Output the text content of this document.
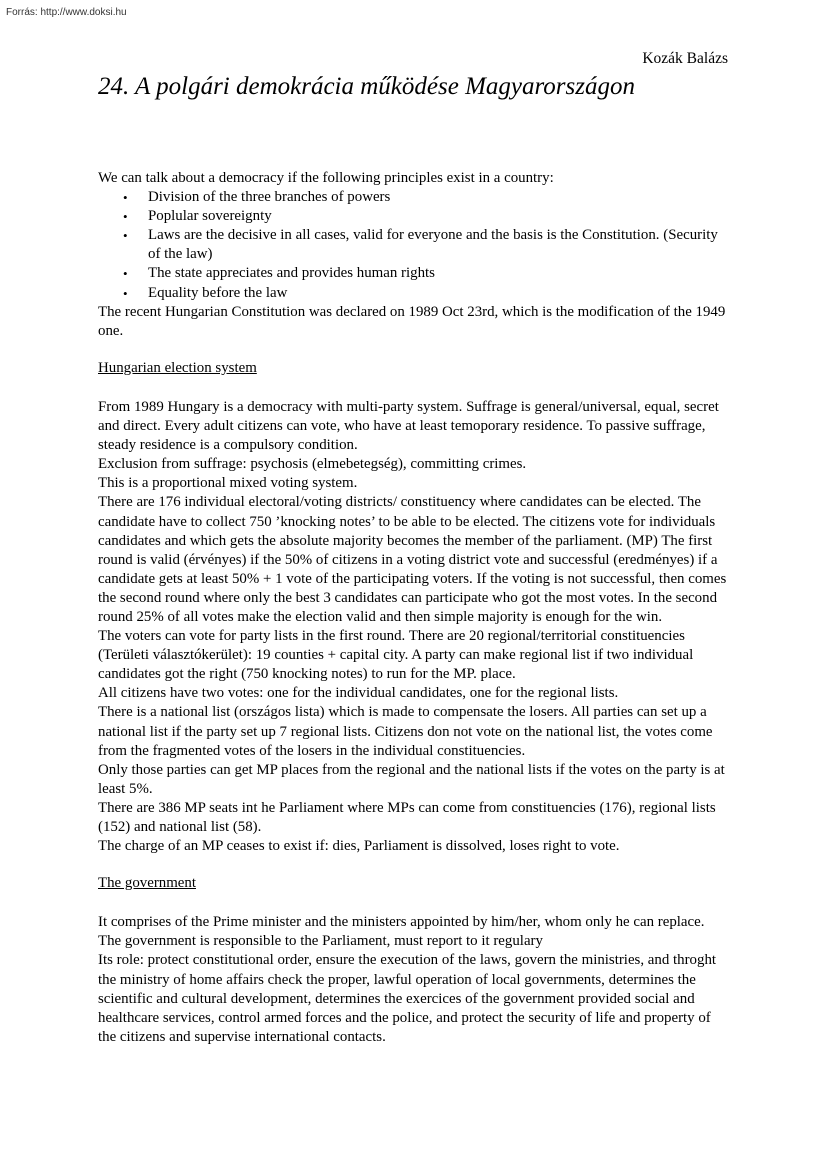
Forrás: http://www.doksi.hu
Kozák Balázs
24. A polgári demokrácia működése Magyarországon

We can talk about a democracy if the following principles exist in a country:

• Division of the three branches of powers
• Poplular sovereignty
• Laws are the decisive in all cases, valid for everyone and the basis is the Constitution. (Security of the law)
• The state appreciates and provides human rights
• Equality before the law

The recent Hungarian Constitution was declared on 1989 Oct 23rd, which is the modification of the 1949 one.

Hungarian election system

From 1989 Hungary is a democracy with multi-party system. Suffrage is general/universal, equal, secret and direct. Every adult citizens can vote, who have at least temoporary residence. To passive suffrage, steady residence is a compulsory condition.

Exclusion from suffrage: psychosis (elmebetegség), committing crimes.

This is a proportional mixed voting system.

There are 176 individual electoral/voting districts/ constituency where candidates can be elected. The candidate have to collect 750 ’knocking notes’ to be able to be elected. The citizens vote for individuals candidates and which gets the absolute majority becomes the member of the parliament. (MP) The first round is valid (érvényes) if the 50% of citizens in a voting district vote and successful (eredményes) if a candidate gets at least 50% + 1 vote of the participating voters. If the voting is not successful, then comes the second round where only the best 3 candidates can participate who got the most votes. In the second round 25% of all votes make the election valid and then simple majority is enough for the win.

The voters can vote for party lists in the first round. There are 20 regional/territorial constituencies (Területi választókerület): 19 counties + capital city. A party can make regional list if two individual candidates got the right (750 knocking notes) to run for the MP. place.

All citizens have two votes: one for the individual candidates, one for the regional lists.

There is a national list (országos lista) which is made to compensate the losers. All parties can set up a national list if the party set up 7 regional lists. Citizens don not vote on the national list, the votes come from the fragmented votes of the losers in the individual constituencies.

Only those parties can get MP places from the regional and the national lists if the votes on the party is at least 5%.

There are 386 MP seats int he Parliament where MPs can come from constituencies (176), regional lists (152) and national list (58).

The charge of an MP ceases to exist if: dies, Parliament is dissolved, loses right to vote.

The government

It comprises of the Prime minister and the ministers appointed by him/her, whom only he can replace. The government is responsible to the Parliament, must report to it regulary

Its role: protect constitutional order, ensure the execution of the laws, govern the ministries, and throght the ministry of home affairs check the proper, lawful operation of local governments, determines the scientific and cultural development, determines the exercices of the government provided social and healthcare services, control armed forces and the police, and protect the security of life and property of the citizens and supervise international contacts.
